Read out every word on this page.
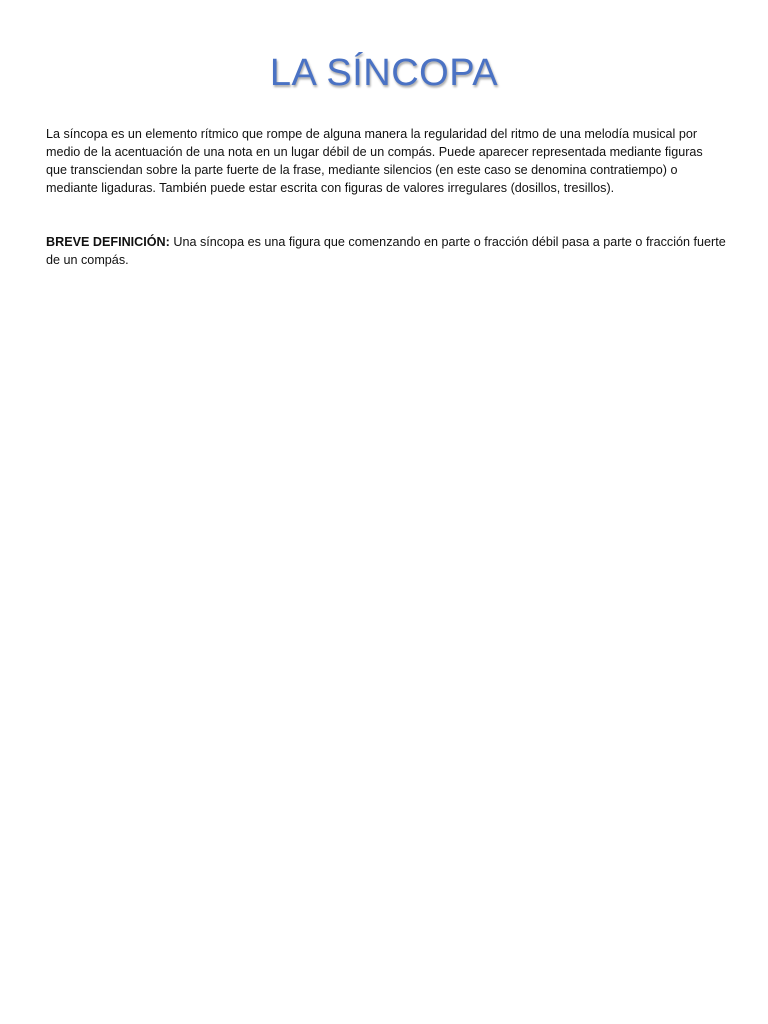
LA SÍNCOPA

La síncopa es un elemento rítmico que rompe de alguna manera la regularidad del ritmo de una melodía musical por medio de la acentuación de una nota en un lugar débil de un compás. Puede aparecer representada mediante figuras que transciendan sobre la parte fuerte de la frase, mediante silencios (en este caso se denomina contratiempo) o mediante ligaduras. También puede estar escrita con figuras de valores irregulares (dosillos, tresillos).

BREVE DEFINICIÓN: Una síncopa es una figura que comenzando en parte o fracción débil pasa a parte o fracción fuerte de un compás.
